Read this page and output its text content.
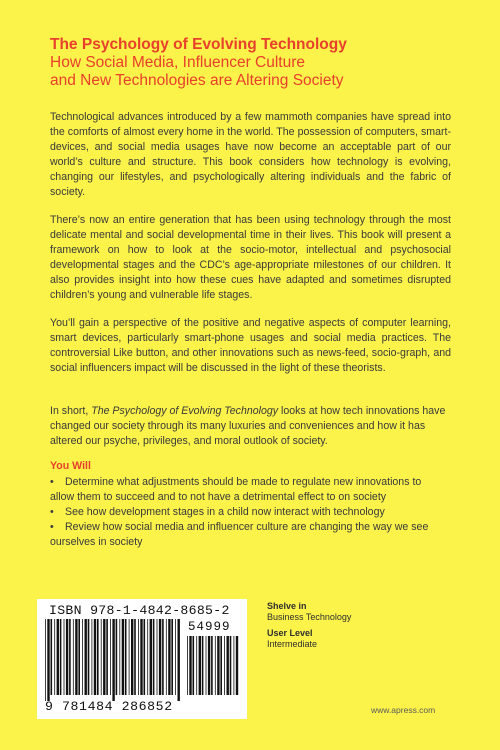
The Psychology of Evolving Technology
How Social Media, Influencer Culture
and New Technologies are Altering Society
Technological advances introduced by a few mammoth companies have spread into the comforts of almost every home in the world. The possession of computers, smart-devices, and social media usages have now become an acceptable part of our world’s culture and structure. This book considers how technology is evolving, changing our lifestyles, and psychologically altering individuals and the fabric of society.
There’s now an entire generation that has been using technology through the most delicate mental and social developmental time in their lives. This book will present a framework on how to look at the socio-motor, intellectual and psychosocial developmental stages and the CDC’s age-appropriate milestones of our children. It also provides insight into how these cues have adapted and sometimes disrupted children’s young and vulnerable life stages.
You’ll gain a perspective of the positive and negative aspects of computer learning, smart devices, particularly smart-phone usages and social media practices. The controversial Like button, and other innovations such as news-feed, socio-graph, and social influencers impact will be discussed in the light of these theorists.
In short, The Psychology of Evolving Technology looks at how tech innovations have changed our society through its many luxuries and conveniences and how it has altered our psyche, privileges, and moral outlook of society.
You Will
• Determine what adjustments should be made to regulate new innovations to
allow them to succeed and to not have a detrimental effect to on society
• See how development stages in a child now interact with technology
• Review how social media and influencer culture are changing the way we see
ourselves in society
ISBN 978-1-4842-8685-2
54999
9 781484 286852
Shelve in
Business Technology
User Level
Intermediate
www.apress.com
